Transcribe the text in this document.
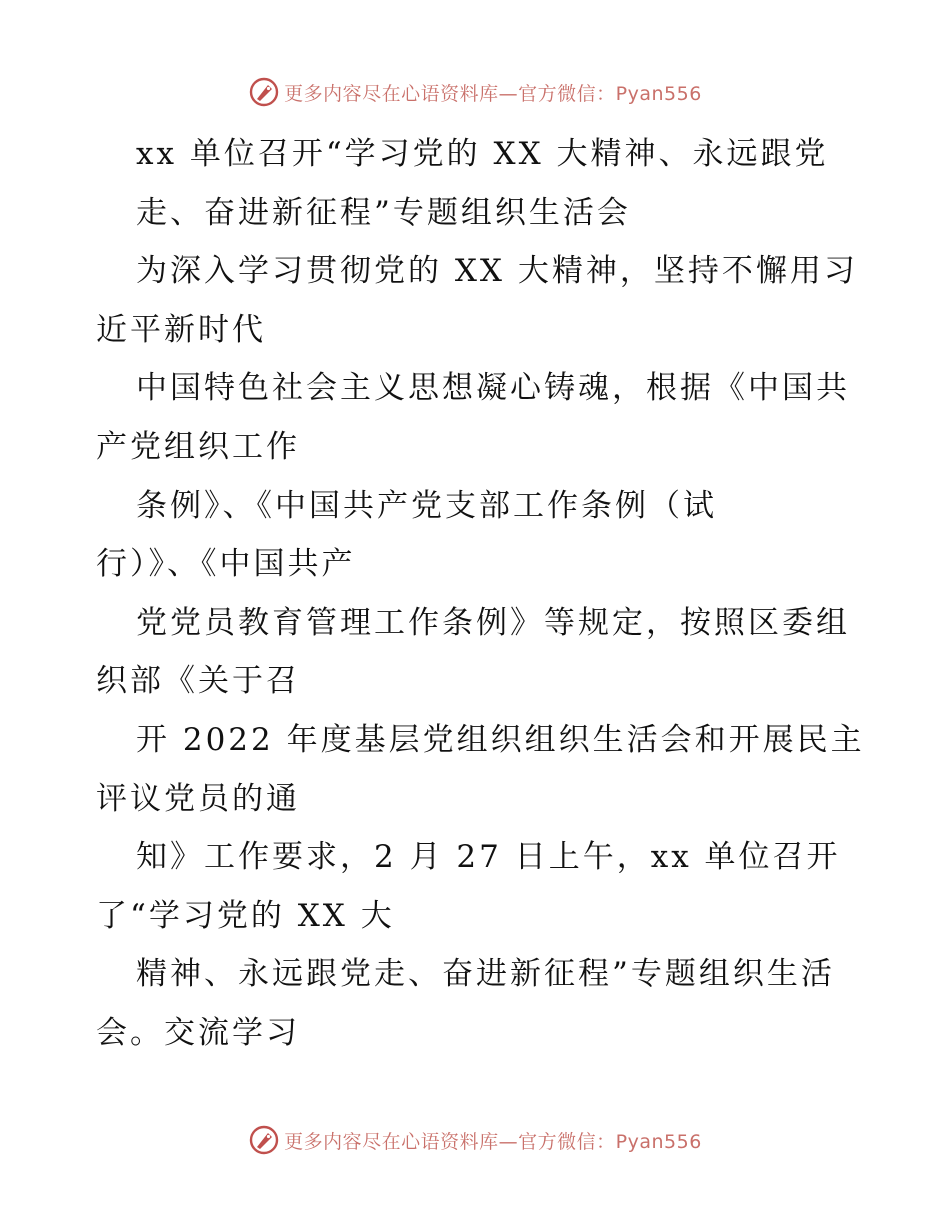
更多内容尽在心语资料库—官方微信：Pyan556
xx 单位召开“学习党的 XX 大精神、永远跟党
走、奋进新征程”专题组织生活会
为深入学习贯彻党的 XX 大精神，坚持不懈用习
近平新时代
中国特色社会主义思想凝心铸魂，根据《中国共
产党组织工作
条例》、《中国共产党支部工作条例（试
行）》、《中国共产
党党员教育管理工作条例》等规定，按照区委组
织部《关于召
开 2022 年度基层党组织组织生活会和开展民主
评议党员的通
知》工作要求，2 月 27 日上午，xx 单位召开
了“学习党的 XX 大
精神、永远跟党走、奋进新征程”专题组织生活
会。交流学习
更多内容尽在心语资料库—官方微信：Pyan556
